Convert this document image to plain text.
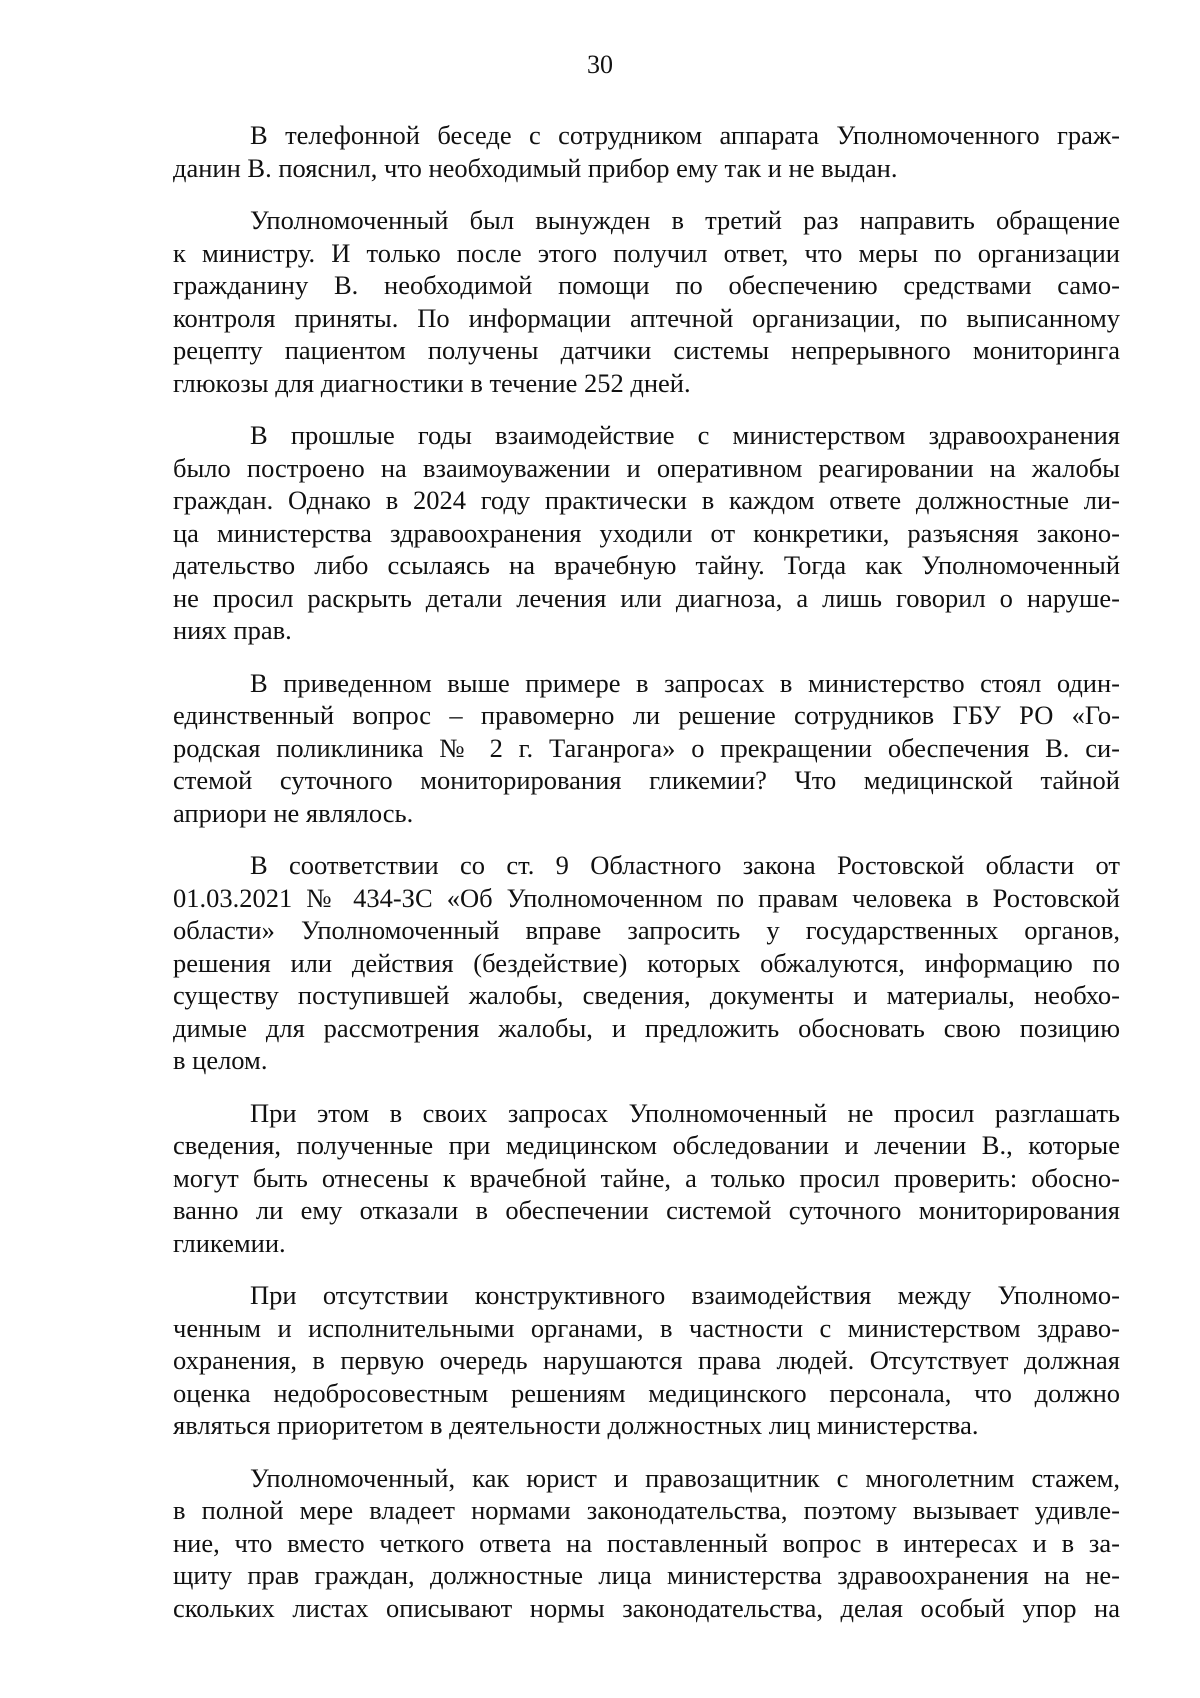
30
В телефонной беседе с сотрудником аппарата Уполномоченного граж-
данин В. пояснил, что необходимый прибор ему так и не выдан.
Уполномоченный был вынужден в третий раз направить обращение
к министру. И только после этого получил ответ, что меры по организации
гражданину В. необходимой помощи по обеспечению средствами само-
контроля приняты. По информации аптечной организации, по выписанному
рецепту пациентом получены датчики системы непрерывного мониторинга
глюкозы для диагностики в течение 252 дней.
В прошлые годы взаимодействие с министерством здравоохранения
было построено на взаимоуважении и оперативном реагировании на жалобы
граждан. Однако в 2024 году практически в каждом ответе должностные ли-
ца министерства здравоохранения уходили от конкретики, разъясняя законо-
дательство либо ссылаясь на врачебную тайну. Тогда как Уполномоченный
не просил раскрыть детали лечения или диагноза, а лишь говорил о наруше-
ниях прав.
В приведенном выше примере в запросах в министерство стоял один-
единственный вопрос – правомерно ли решение сотрудников ГБУ РО «Го-
родская поликлиника № 2 г. Таганрога» о прекращении обеспечения В. си-
стемой суточного мониторирования гликемии? Что медицинской тайной
априори не являлось.
В соответствии со ст. 9 Областного закона Ростовской области от
01.03.2021 № 434-ЗС «Об Уполномоченном по правам человека в Ростовской
области» Уполномоченный вправе запросить у государственных органов,
решения или действия (бездействие) которых обжалуются, информацию по
существу поступившей жалобы, сведения, документы и материалы, необхо-
димые для рассмотрения жалобы, и предложить обосновать свою позицию
в целом.
При этом в своих запросах Уполномоченный не просил разглашать
сведения, полученные при медицинском обследовании и лечении В., которые
могут быть отнесены к врачебной тайне, а только просил проверить: обосно-
ванно ли ему отказали в обеспечении системой суточного мониторирования
гликемии.
При отсутствии конструктивного взаимодействия между Уполномо-
ченным и исполнительными органами, в частности с министерством здраво-
охранения, в первую очередь нарушаются права людей. Отсутствует должная
оценка недобросовестным решениям медицинского персонала, что должно
являться приоритетом в деятельности должностных лиц министерства.
Уполномоченный, как юрист и правозащитник с многолетним стажем,
в полной мере владеет нормами законодательства, поэтому вызывает удивле-
ние, что вместо четкого ответа на поставленный вопрос в интересах и в за-
щиту прав граждан, должностные лица министерства здравоохранения на не-
скольких листах описывают нормы законодательства, делая особый упор на
